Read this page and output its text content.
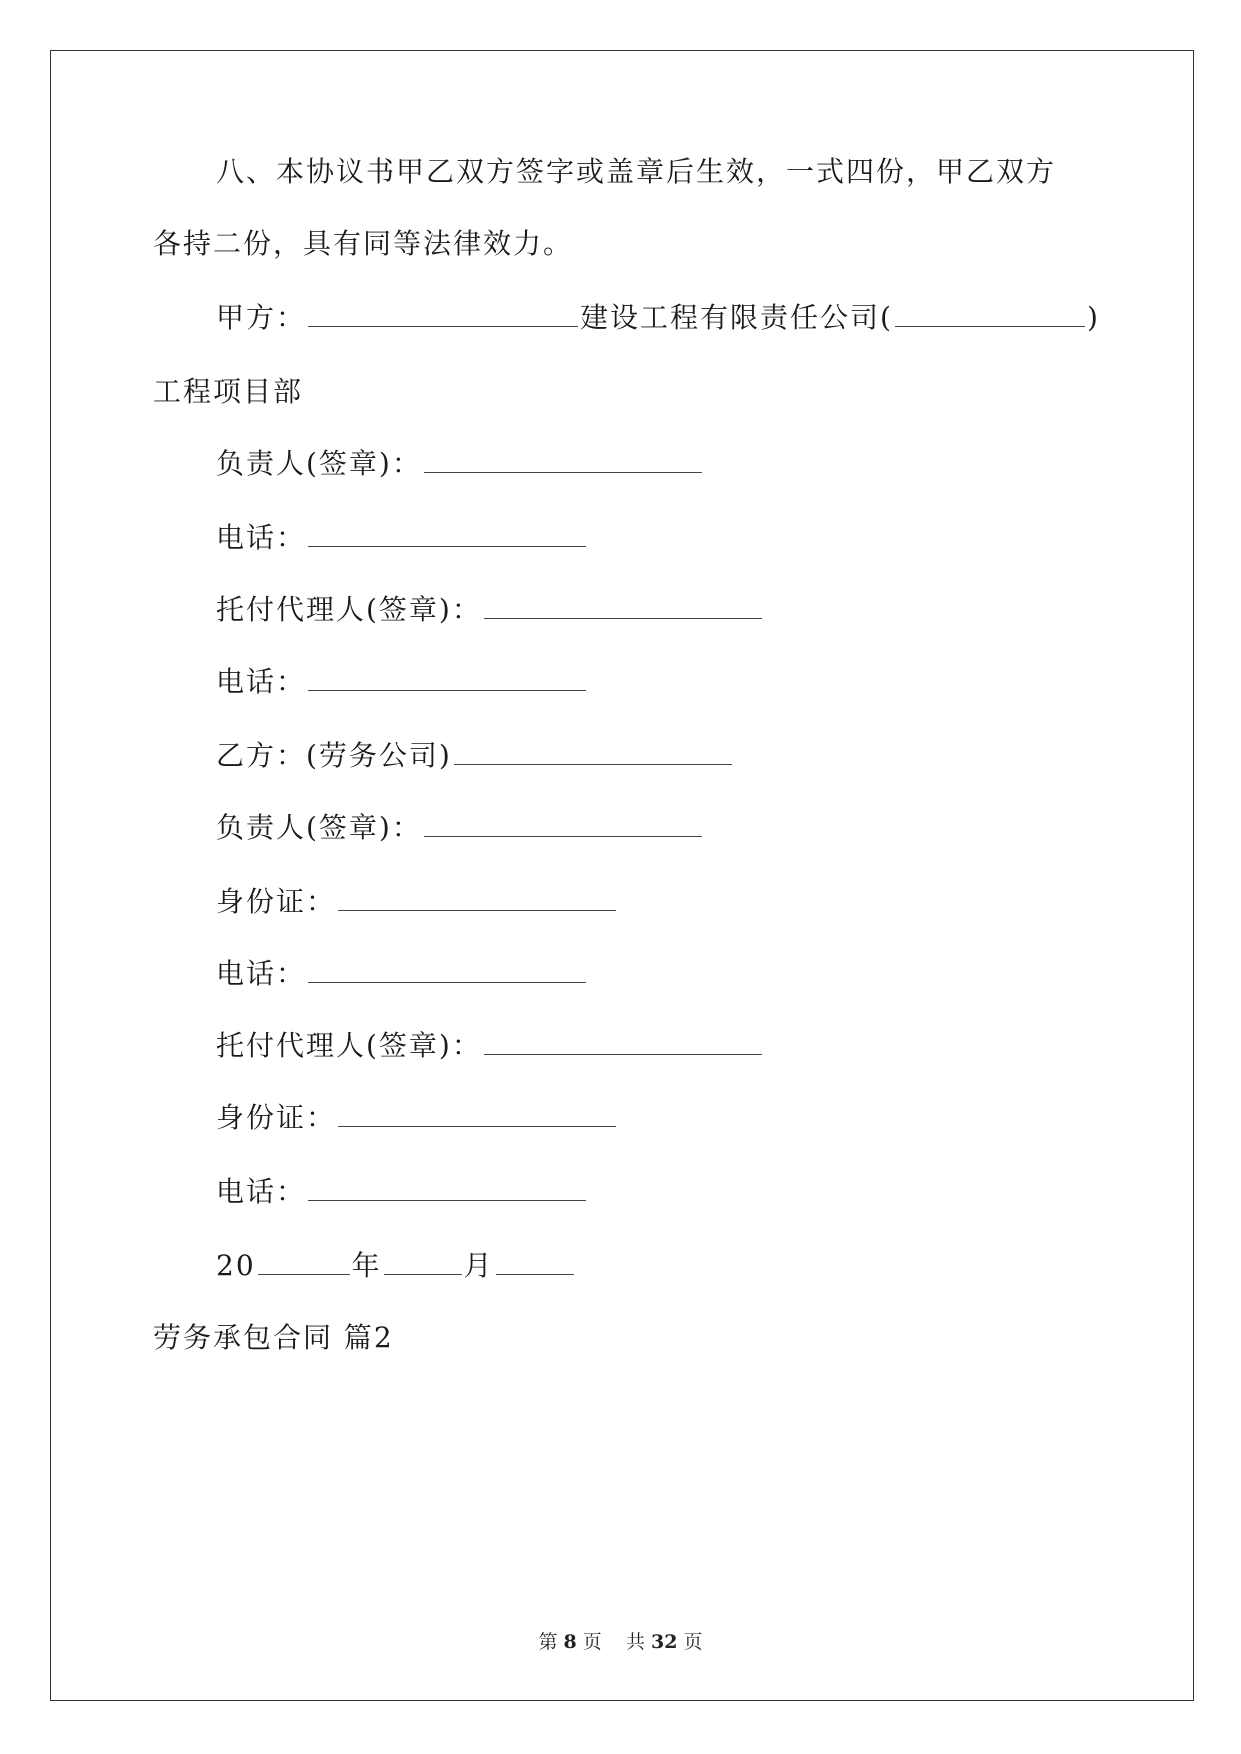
八、本协议书甲乙双方签字或盖章后生效，一式四份，甲乙双方
各持二份，具有同等法律效力。
甲方：	建设工程有限责任公司(	)
工程项目部
负责人(签章)：
电话：
托付代理人(签章)：
电话：
乙方：(劳务公司)
负责人(签章)：
身份证：
电话：
托付代理人(签章)：
身份证：
电话：
20	年	月
劳务承包合同 篇2
第 8 页 共 32 页
